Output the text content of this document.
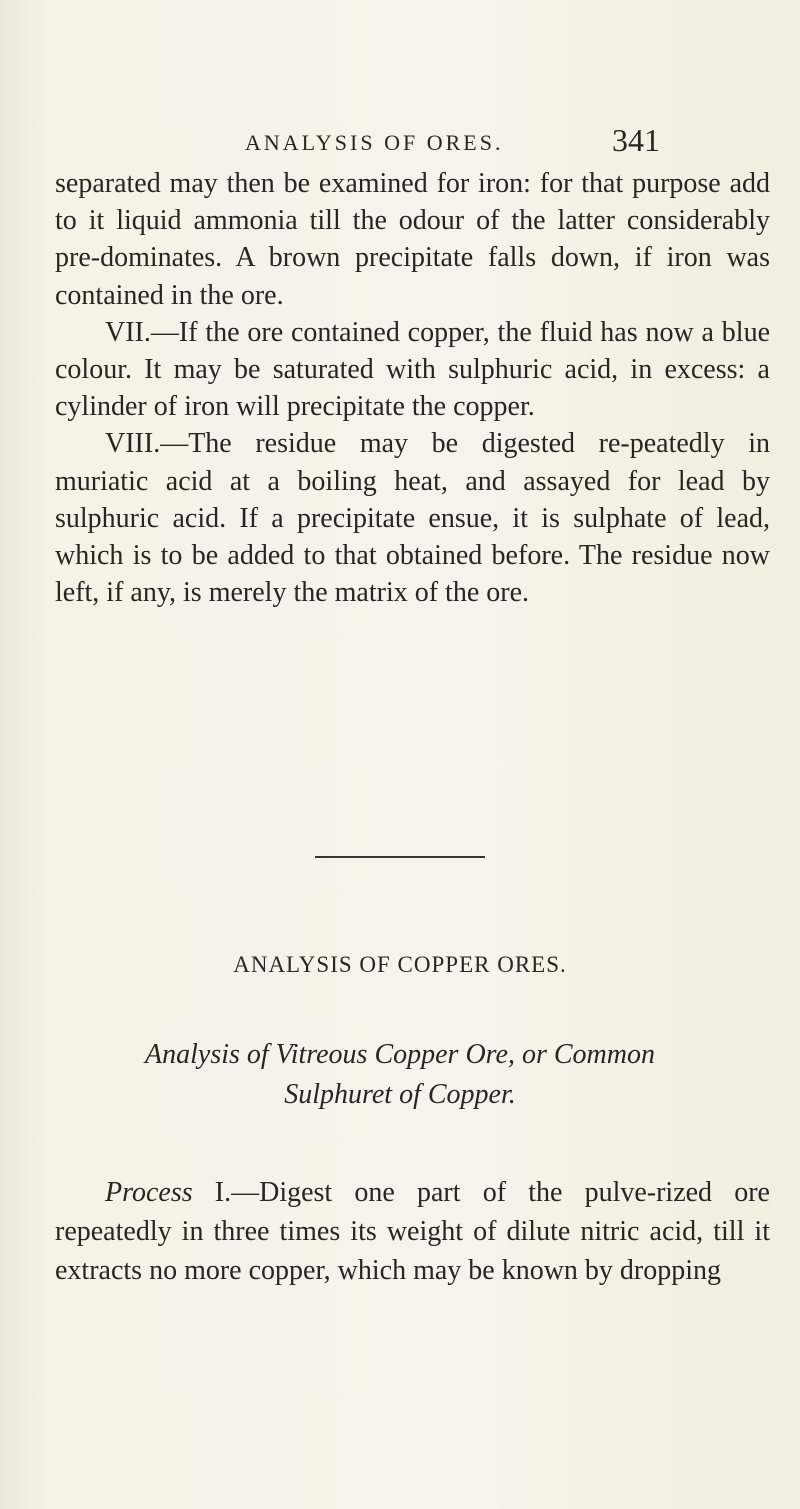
ANALYSIS OF ORES.	341

separated may then be examined for iron: for that purpose add to it liquid ammonia till the odour of the latter considerably pre-dominates. A brown precipitate falls down, if iron was contained in the ore.

VII.—If the ore contained copper, the fluid has now a blue colour. It may be saturated with sulphuric acid, in excess: a cylinder of iron will precipitate the copper.

VIII.—The residue may be digested re-peatedly in muriatic acid at a boiling heat, and assayed for lead by sulphuric acid. If a precipitate ensue, it is sulphate of lead, which is to be added to that obtained before. The residue now left, if any, is merely the matrix of the ore.

ANALYSIS OF COPPER ORES.
Analysis of Vitreous Copper Ore, or Common
Sulphuret of Copper.

Process I.—Digest one part of the pulve-rized ore repeatedly in three times its weight of dilute nitric acid, till it extracts no more copper, which may be known by dropping
